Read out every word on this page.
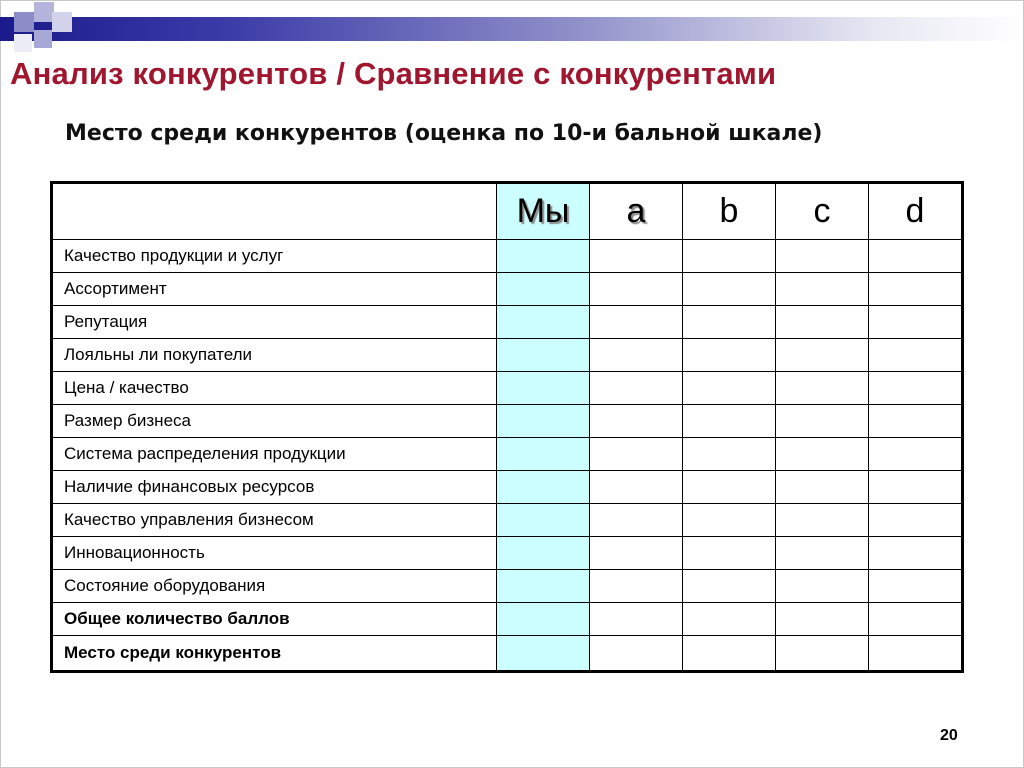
Анализ конкурентов / Сравнение с конкурентами
Место среди конкурентов (оценка по 10-и бальной шкале)
	Мы	a	b	c	d
Качество продукции и услуг					
Ассортимент					
Репутация					
Лояльны ли покупатели					
Цена / качество					
Размер бизнеса					
Система распределения продукции					
Наличие финансовых ресурсов					
Качество управления бизнесом					
Инновационность					
Состояние оборудования					
Общее количество баллов					
Место среди конкурентов					
20
